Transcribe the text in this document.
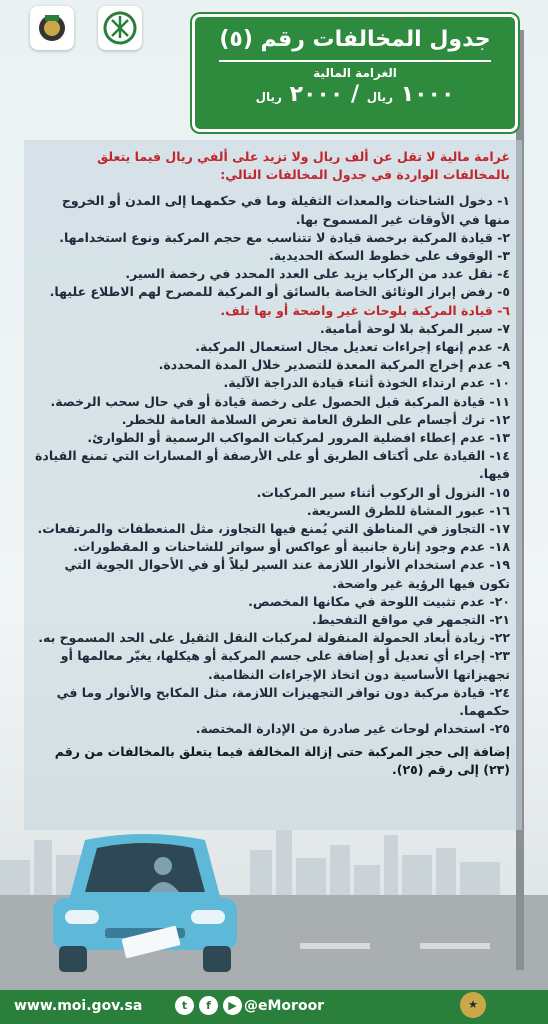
جدول المخالفات رقم (٥)
الغرامة المالية
١٠٠٠ ريال / ٢٠٠٠ ريال
غرامة مالية لا تقل عن ألف ريال ولا تزيد على ألفي ريال فيما يتعلق بالمخالفات الواردة في جدول المخالفات التالي:
١- دخول الشاحنات والمعدات الثقيلة وما في حكمهما إلى المدن أو الخروج منها في الأوقات غير المسموح بها.
٢- قيادة المركبة برخصة قيادة لا تتناسب مع حجم المركبة ونوع استخدامها.
٣- الوقوف على خطوط السكة الحديدية.
٤- نقل عدد من الركاب يزيد على العدد المحدد في رخصة السير.
٥- رفض إبراز الوثائق الخاصة بالسائق أو المركبة للمصرح لهم الاطلاع عليها.
٦- قيادة المركبة بلوحات غير واضحة أو بها تلف.
٧- سير المركبة بلا لوحة أمامية.
٨- عدم إنهاء إجراءات تعديل مجال استعمال المركبة.
٩- عدم إخراج المركبة المعدة للتصدير خلال المدة المحددة.
١٠- عدم ارتداء الخوذة أثناء قيادة الدراجة الآلية.
١١- قيادة المركبة قبل الحصول على رخصة قيادة أو في حال سحب الرخصة.
١٢- ترك أجسام على الطرق العامة تعرض السلامة العامة للخطر.
١٣- عدم إعطاء افضلية المرور لمركبات المواكب الرسمية أو الطوارئ.
١٤- القيادة على أكتاف الطريق أو على الأرصفة أو المسارات التي تمنع القيادة فيها.
١٥- النزول أو الركوب أثناء سير المركبات.
١٦- عبور المشاة للطرق السريعة.
١٧- التجاوز في المناطق التي يُمنع فيها التجاوز، مثل المنعطفات والمرتفعات.
١٨- عدم وجود إنارة جانبية أو عواكس أو سواتر للشاحنات و المقطورات.
١٩- عدم استخدام الأنوار اللازمة عند السير ليلاً أو في الأحوال الجوية التي تكون فيها الرؤية غير واضحة.
٢٠- عدم تثبيت اللوحة في مكانها المخصص.
٢١- التجمهر في مواقع التفحيط.
٢٢- زيادة أبعاد الحمولة المنقولة لمركبات النقل الثقيل على الحد المسموح به.
٢٣- إجراء أي تعديل أو إضافة على جسم المركبة أو هيكلها، يغيّر معالمها أو تجهيزاتها الأساسية دون اتخاذ الإجراءات النظامية.
٢٤- قيادة مركبة دون توافر التجهيزات اللازمة، مثل المكابح والأنوار وما في حكمهما.
٢٥- استخدام لوحات غير صادرة من الإدارة المختصة.
إضافة إلى حجز المركبة حتى إزالة المخالفة فيما يتعلق بالمخالفات من رقم (٢٣) إلى رقم (٢٥).
www.moi.gov.sa	t	f	▶ @eMoroor	★
